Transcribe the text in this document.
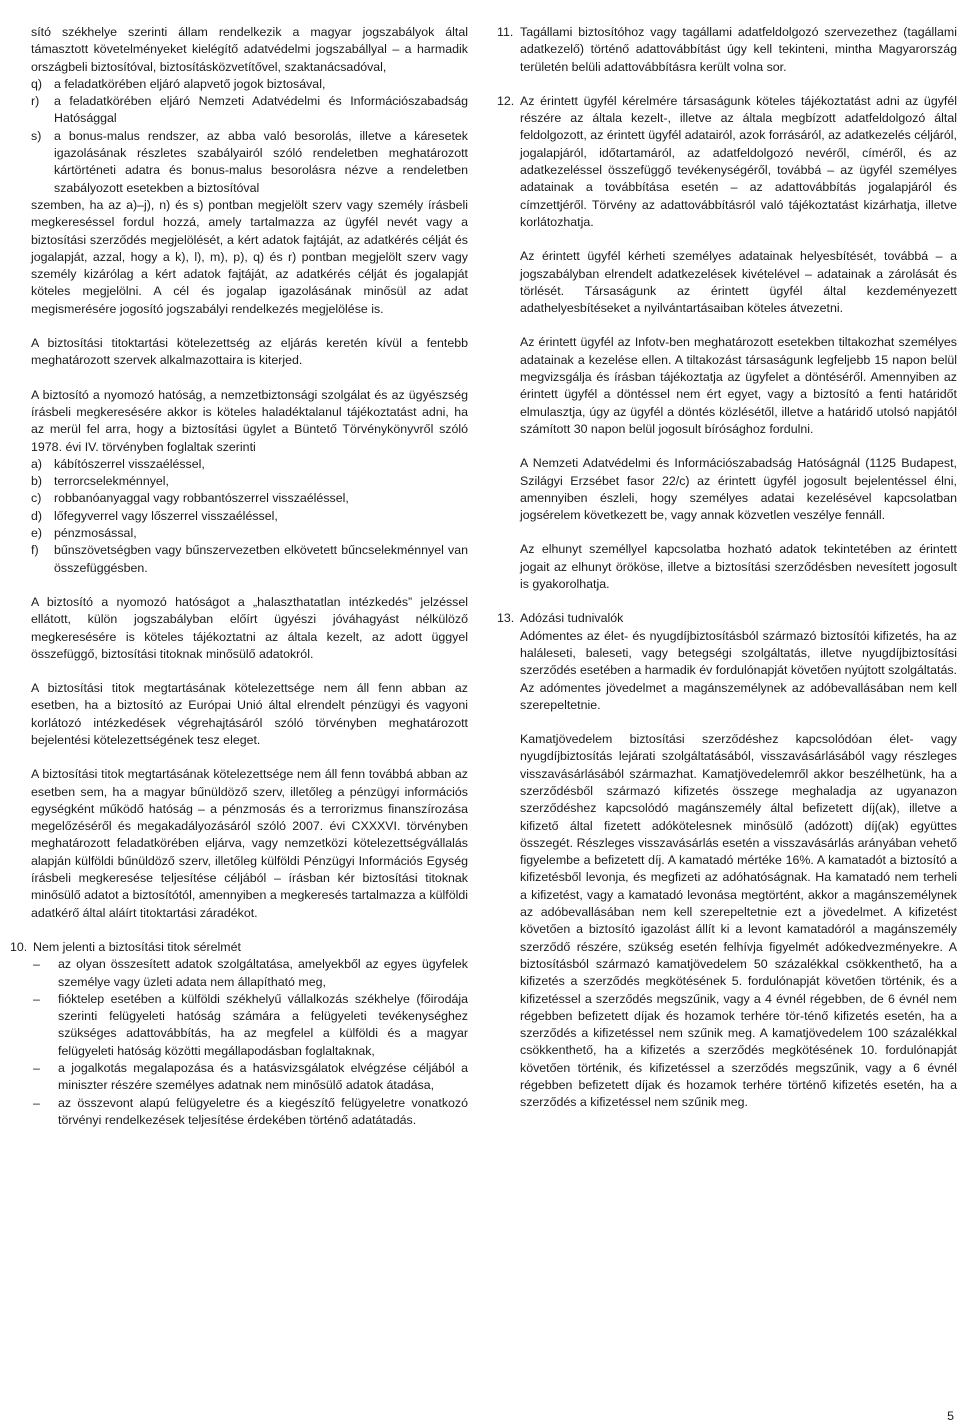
sító székhelye szerinti állam rendelkezik a magyar jogszabályok által támasztott követelményeket kielégítő adatvédelmi jogszabállyal – a harmadik országbeli biztosítóval, biztosításközvetítővel, szaktanácsadóval,

q) a feladatkörében eljáró alapvető jogok biztosával,
r)	a feladatkörében eljáró Nemzeti Adatvédelmi és Információszabadság Hatósággal
s)	a bonus-malus rendszer, az abba való besorolás, illetve a káresetek igazolásának részletes szabályairól szóló rendeletben meghatározott kártörténeti adatra és bonus-malus besorolásra nézve a rendeletben szabályozott esetekben a biztosítóval

szemben, ha az a)–j), n) és s) pontban megjelölt szerv vagy személy írásbeli megkereséssel fordul hozzá, amely tartalmazza az ügyfél nevét vagy a biztosítási szerződés megjelölését, a kért adatok fajtáját, az adatkérés célját és jogalapját, azzal, hogy a k), l), m), p), q) és r) pontban megjelölt szerv vagy személy kizárólag a kért adatok fajtáját, az adatkérés célját és jogalapját köteles megjelölni. A cél és jogalap igazolásának minősül az adat megismerésére jogosító jogszabályi rendelkezés megjelölése is.

A biztosítási titoktartási kötelezettség az eljárás keretén kívül a fentebb meghatározott szervek alkalmazottaira is kiterjed.

A biztosító a nyomozó hatóság, a nemzetbiztonsági szolgálat és az ügyészség írásbeli megkeresésére akkor is köteles haladéktalanul tájékoztatást adni, ha az merül fel arra, hogy a biztosítási ügylet a Büntető Törvénykönyvről szóló 1978. évi IV. törvényben foglaltak szerinti

a) kábítószerrel visszaéléssel,
b) terrorcselekménnyel,
c)	robbanóanyaggal vagy robbantószerrel visszaéléssel,
d) lőfegyverrel vagy lőszerrel visszaéléssel,
e) pénzmosással,
f)	bűnszövetségben vagy bűnszervezetben elkövetett bűncselekménnyel van összefüggésben.

A biztosító a nyomozó hatóságot a „halaszthatatlan intézkedés” jelzéssel ellátott, külön jogszabályban előírt ügyészi jóváhagyást nélkülöző megkeresésére is köteles tájékoztatni az általa kezelt, az adott üggyel összefüggő, biztosítási titoknak minősülő adatokról.

A biztosítási titok megtartásának kötelezettsége nem áll fenn abban az esetben, ha a biztosító az Európai Unió által elrendelt pénzügyi és vagyoni korlátozó intézkedések végrehajtásáról szóló törvényben meghatározott bejelentési kötelezettségének tesz eleget.

A biztosítási titok megtartásának kötelezettsége nem áll fenn továbbá abban az esetben sem, ha a magyar bűnüldöző szerv, illetőleg a pénzügyi információs egységként működő hatóság – a pénzmosás és a terrorizmus finanszírozása megelőzéséről és megakadályozásáról szóló 2007. évi CXXXVI. törvényben meghatározott feladatkörében eljárva, vagy nemzetközi kötelezettségvállalás alapján külföldi bűnüldöző szerv, illetőleg külföldi Pénzügyi Információs Egység írásbeli megkeresése teljesítése céljából – írásban kér biztosítási titoknak minősülő adatot a biztosítótól, amennyiben a megkeresés tartalmazza a külföldi adatkérő által aláírt titoktartási záradékot.

10. Nem jelenti a biztosítási titok sérelmét
–	az olyan összesített adatok szolgáltatása, amelyekből az egyes ügyfelek személye vagy üzleti adata nem állapítható meg,
–	fióktelep esetében a külföldi székhelyű vállalkozás székhelye (főirodája szerinti felügyeleti hatóság számára a felügyeleti tevékenységhez szükséges adattovábbítás, ha az megfelel a külföldi és a magyar felügyeleti hatóság közötti megállapodásban foglaltaknak,
–	a jogalkotás megalapozása és a hatásvizsgálatok elvégzése céljából a miniszter részére személyes adatnak nem minősülő adatok átadása,
–	az összevont alapú felügyeletre és a kiegészítő felügyeletre vonatkozó törvényi rendelkezések teljesítése érdekében történő adatátadás.
11. Tagállami biztosítóhoz vagy tagállami adatfeldolgozó szervezethez (tagállami adatkezelő) történő adattovábbítást úgy kell tekinteni, mintha Magyarország területén belüli adattovábbításra került volna sor.
12. Az érintett ügyfél kérelmére társaságunk köteles tájékoztatást adni az ügyfél részére az általa kezelt-, illetve az általa megbízott adatfeldolgozó által feldolgozott, az érintett ügyfél adatairól, azok forrásáról, az adatkezelés céljáról, jogalapjáról, időtartamáról, az adatfeldolgozó nevéről, címéről, és az adatkezeléssel összefüggő tevékenységéről, továbbá – az ügyfél személyes adatainak a továbbítása esetén – az adattovábbítás jogalapjáról és címzettjéről. Törvény az adattovábbításról való tájékoztatást kizárhatja, illetve korlátozhatja.

Az érintett ügyfél kérheti személyes adatainak helyesbítését, továbbá – a jogszabályban elrendelt adatkezelések kivételével – adatainak a zárolását és törlését. Társaságunk az érintett ügyfél által kezdeményezett adathelyesbítéseket a nyilvántartásaiban köteles átvezetni.

Az érintett ügyfél az Infotv-ben meghatározott esetekben tiltakozhat személyes adatainak a kezelése ellen. A tiltakozást társaságunk legfeljebb 15 napon belül megvizsgálja és írásban tájékoztatja az ügyfelet a döntéséről. Amennyiben az érintett ügyfél a döntéssel nem ért egyet, vagy a biztosító a fenti határidőt elmulasztja, úgy az ügyfél a döntés közlésétől, illetve a határidő utolsó napjától számított 30 napon belül jogosult bírósághoz fordulni.

A Nemzeti Adatvédelmi és Információszabadság Hatóságnál (1125 Budapest, Szilágyi Erzsébet fasor 22/c) az érintett ügyfél jogosult bejelentéssel élni, amennyiben észleli, hogy személyes adatai kezelésével kapcsolatban jogsérelem következett be, vagy annak közvetlen veszélye fennáll.

Az elhunyt személlyel kapcsolatba hozható adatok tekintetében az érintett jogait az elhunyt örököse, illetve a biztosítási szerződésben nevesített jogosult is gyakorolhatja.

13. Adózási tudnivalók

Adómentes az élet- és nyugdíjbiztosításból származó biztosítói kifizetés, ha az haláleseti, baleseti, vagy betegségi szolgáltatás, illetve nyugdíjbiztosítási szerződés esetében a harmadik év fordulónapját követően nyújtott szolgáltatás. Az adómentes jövedelmet a magánszemélynek az adóbevallásában nem kell szerepeltetnie.

Kamatjövedelem biztosítási szerződéshez kapcsolódóan élet- vagy nyugdíjbiztosítás lejárati szolgáltatásából, visszavásárlásából vagy részleges visszavásárlásából származhat. Kamatjövedelemről akkor beszélhetünk, ha a szerződésből származó kifizetés összege meghaladja az ugyanazon szerződéshez kapcsolódó magánszemély által befizetett díj(ak), illetve a kifizető által fizetett adókötelesnek minősülő (adózott) díj(ak) együttes összegét. Részleges visszavásárlás esetén a visszavásárlás arányában vehető figyelembe a befizetett díj. A kamatadó mértéke 16%. A kamatadót a biztosító a kifizetésből levonja, és megfizeti az adóhatóságnak. Ha kamatadó nem terheli a kifizetést, vagy a kamatadó levonása megtörtént, akkor a magánszemélynek az adóbevallásában nem kell szerepeltetnie ezt a jövedelmet. A kifizetést követően a biztosító igazolást állít ki a levont kamatadóról a magánszemély szerződő részére, szükség esetén felhívja figyelmét adókedvezményekre. A biztosításból származó kamatjövedelem 50 százalékkal csökkenthető, ha a kifizetés a szerződés megkötésének 5. fordulónapját követően történik, és a kifizetéssel a szerződés megszűnik, vagy a 4 évnél régebben, de 6 évnél nem régebben befizetett díjak és hozamok terhére tör-ténő kifizetés esetén, ha a szerződés a kifizetéssel nem szűnik meg. A kamatjövedelem 100 százalékkal csökkenthető, ha a kifizetés a szerződés megkötésének 10. fordulónapját követően történik, és kifizetéssel a szerződés megszűnik, vagy a 6 évnél régebben befizetett díjak és hozamok terhére történő kifizetés esetén, ha a szerződés a kifizetéssel nem szűnik meg.

5
